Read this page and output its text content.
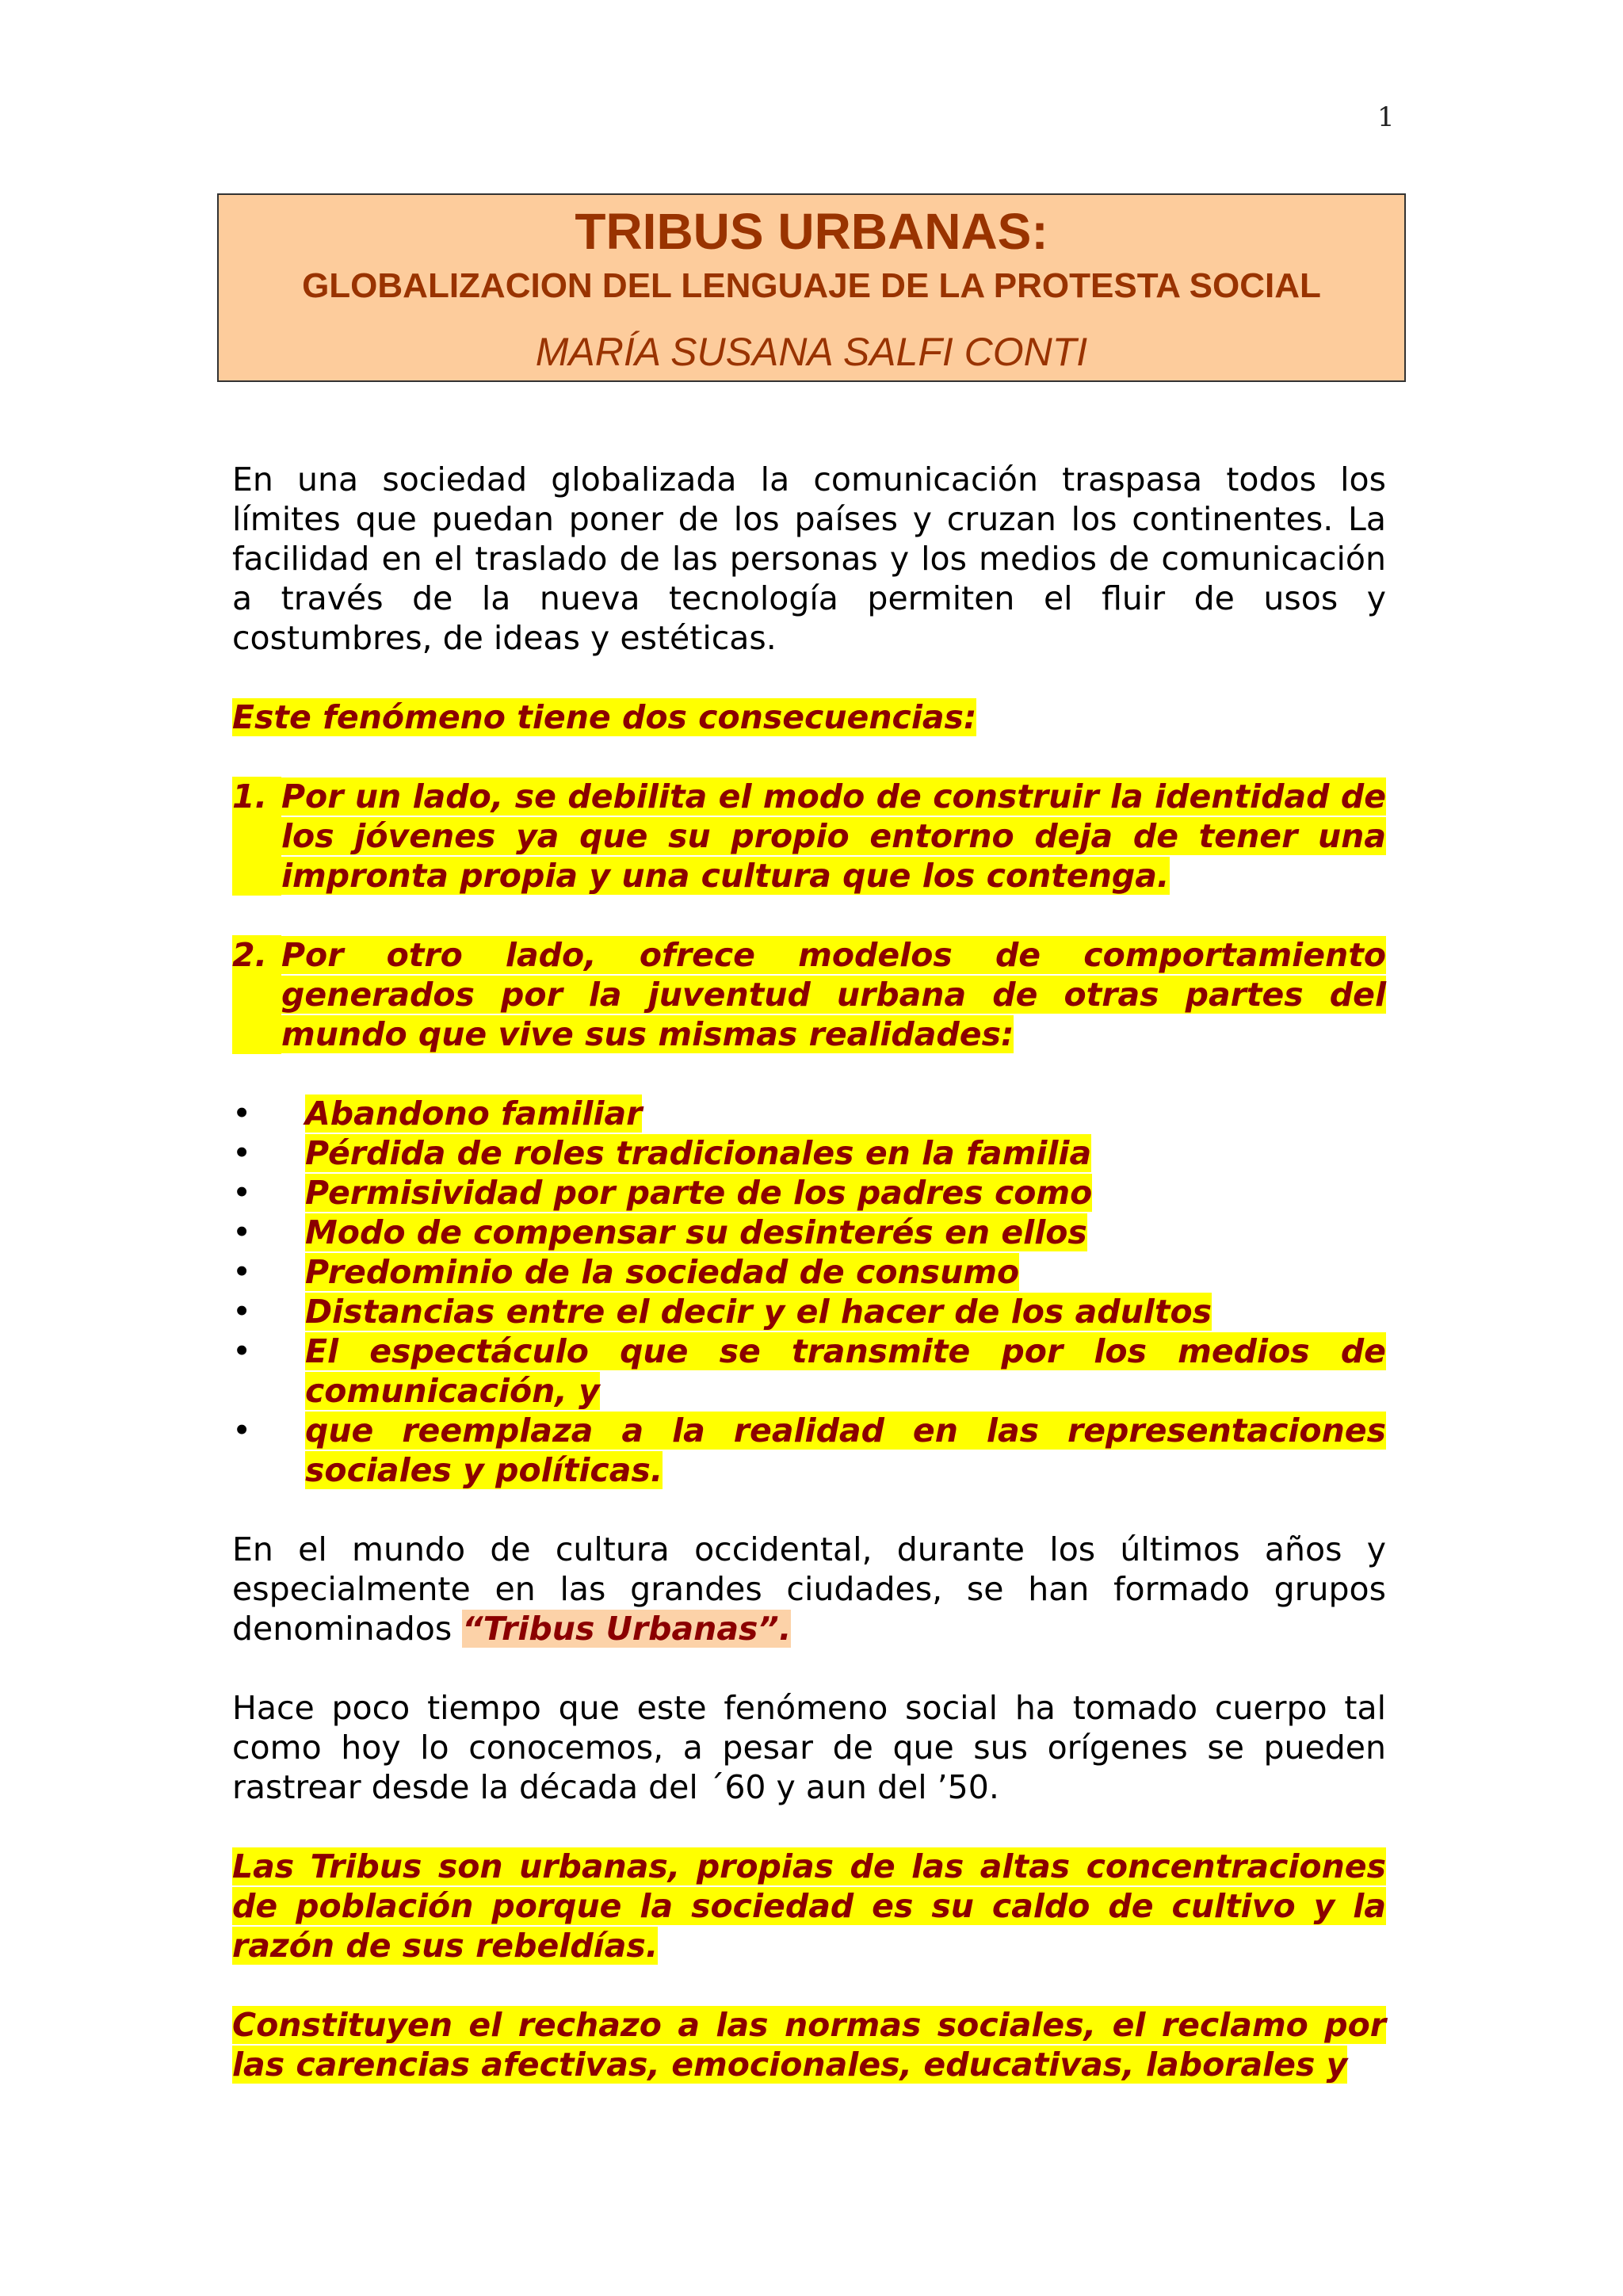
1
TRIBUS URBANAS:
GLOBALIZACION DEL LENGUAJE DE LA PROTESTA SOCIAL
MARÍA SUSANA SALFI CONTI

En una sociedad globalizada la comunicación traspasa todos los límites que puedan poner de los países y cruzan los continentes. La facilidad en el traslado de las personas y los medios de comunicación a través de la nueva tecnología permiten el fluir de usos y costumbres, de ideas y estéticas.

Este fenómeno tiene dos consecuencias:

1. Por un lado, se debilita el modo de construir la identidad de los jóvenes ya que su propio entorno deja de tener una impronta propia y una cultura que los contenga.
2. Por otro lado, ofrece modelos de comportamiento generados por la juventud urbana de otras partes del mundo que vive sus mismas realidades:
•	Abandono familiar
•	Pérdida de roles tradicionales en la familia
•	Permisividad por parte de los padres como
•	Modo de compensar su desinterés en ellos
•	Predominio de la sociedad de consumo
•	Distancias entre el decir y el hacer de los adultos
•	El espectáculo que se transmite por los medios de comunicación, y
•	que reemplaza a la realidad en las representaciones sociales y políticas.

En el mundo de cultura occidental, durante los últimos años y especialmente en las grandes ciudades, se han formado grupos denominados “Tribus Urbanas”.

Hace poco tiempo que este fenómeno social ha tomado cuerpo tal como hoy lo conocemos, a pesar de que sus orígenes se pueden rastrear desde la década del ´60 y aun del ’50.

Las Tribus son urbanas, propias de las altas concentraciones de población porque la sociedad es su caldo de cultivo y la razón de sus rebeldías.

Constituyen el rechazo a las normas sociales, el reclamo por las carencias afectivas, emocionales, educativas, laborales y
